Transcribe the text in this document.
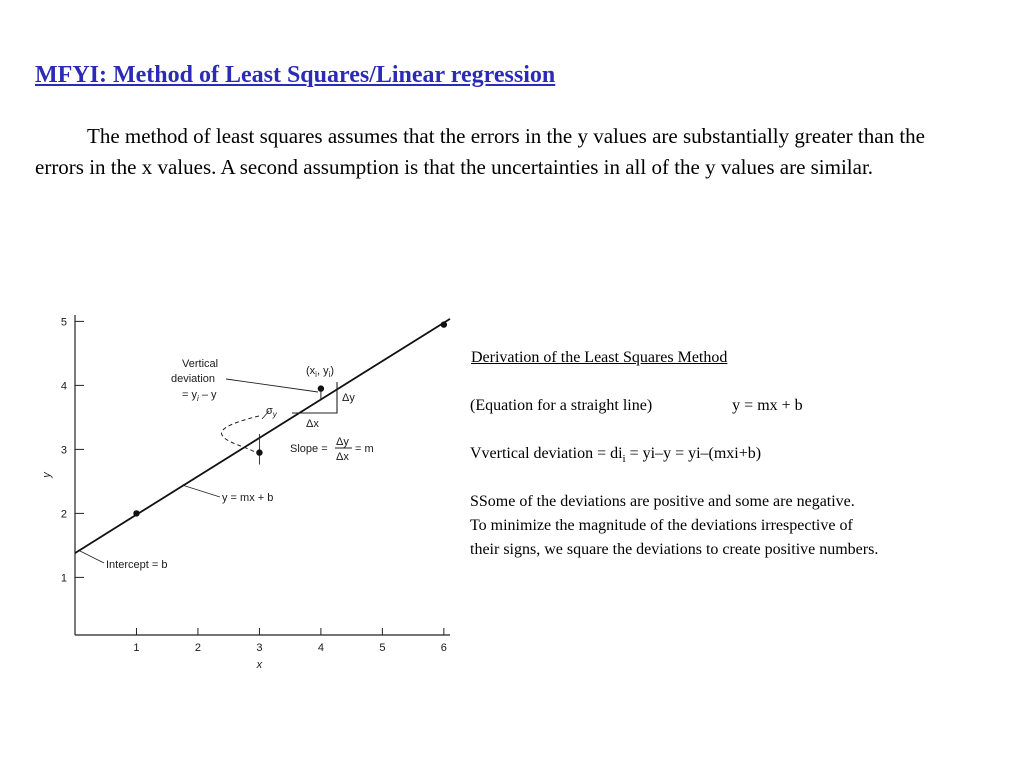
MFYI: Method of Least Squares/Linear regression

The method of least squares assumes that the errors in the y values are substantially greater than the errors in the x values. A second assumption is that the uncertainties in all of the y values are similar.

1	2	3	4	5	6
1
2
3
4
5
x
y
Vertical
deviation
= $y_i$ – y
($x_i$, $y_i$)
Δy
Δx
$\sigma_y$
Slope =
Δy
Δx
= m
y = mx + b
Intercept = b
Derivation of the Least Squares Method
(Equation for a straight line)	y = mx + b
Vvertical deviation = $di_i = yi-y = yi-(mxi+b)$
SSome of the deviations are positive and some are negative.
To minimize the magnitude of the deviations irrespective of
their signs, we square the deviations to create positive numbers.
